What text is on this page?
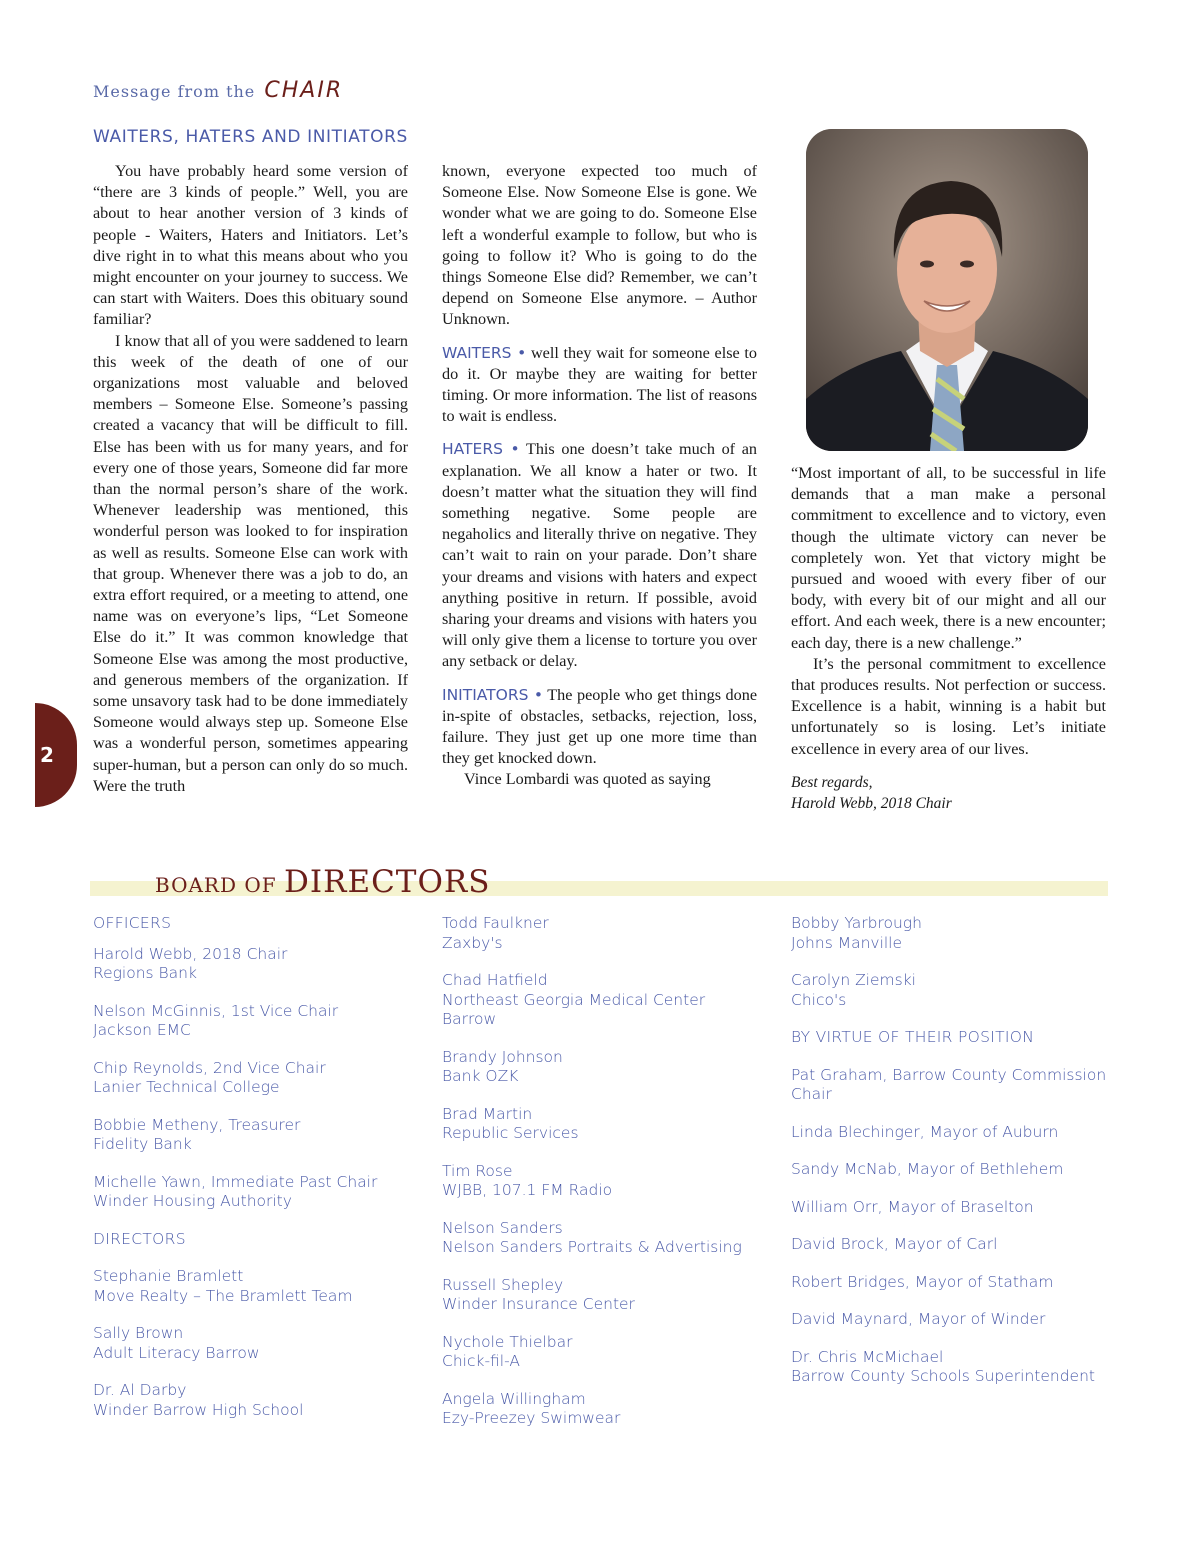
Message from the CHAIR
WAITERS, HATERS AND INITIATORS

You have probably heard some version of “there are 3 kinds of people.” Well, you are about to hear another version of 3 kinds of people - Waiters, Haters and Initiators. Let’s dive right in to what this means about who you might encounter on your journey to success. We can start with Waiters. Does this obituary sound familiar?

I know that all of you were saddened to learn this week of the death of one of our organizations most valuable and beloved members – Someone Else. Someone’s passing created a vacancy that will be difficult to fill. Else has been with us for many years, and for every one of those years, Someone did far more than the normal person’s share of the work. Whenever leadership was mentioned, this wonderful person was looked to for inspiration as well as results. Someone Else can work with that group. Whenever there was a job to do, an extra effort required, or a meeting to attend, one name was on everyone’s lips, “Let Someone Else do it.” It was common knowledge that Someone Else was among the most productive, and generous members of the organization. If some unsavory task had to be done immediately Someone would always step up. Someone Else was a wonderful person, sometimes appearing super-human, but a person can only do so much. Were the truth

known, everyone expected too much of Someone Else. Now Someone Else is gone. We wonder what we are going to do. Someone Else left a wonderful example to follow, but who is going to follow it? Who is going to do the things Someone Else did? Remember, we can’t depend on Someone Else anymore. – Author Unknown.

WAITERS • well they wait for someone else to do it. Or maybe they are waiting for better timing. Or more information. The list of reasons to wait is endless.

HATERS • This one doesn’t take much of an explanation. We all know a hater or two. It doesn’t matter what the situation they will find something negative. Some people are negaholics and literally thrive on negative. They can’t wait to rain on your parade. Don’t share your dreams and visions with haters and expect anything positive in return. If possible, avoid sharing your dreams and visions with haters you will only give them a license to torture you over any setback or delay.

INITIATORS • The people who get things done in-spite of obstacles, setbacks, rejection, loss, failure. They just get up one more time than they get knocked down.

Vince Lombardi was quoted as saying

“Most important of all, to be successful in life demands that a man make a personal commitment to excellence and to victory, even though the ultimate victory can never be completely won. Yet that victory might be pursued and wooed with every fiber of our body, with every bit of our might and all our effort. And each week, there is a new encounter; each day, there is a new challenge.”

It’s the personal commitment to excellence that produces results. Not perfection or success. Excellence is a habit, winning is a habit but unfortunately so is losing. Let’s initiate excellence in every area of our lives.

Best regards,
Harold Webb, 2018 Chair
2
BOARD OF DIRECTORS
OFFICERS
Harold Webb, 2018 Chair
Regions Bank
Nelson McGinnis, 1st Vice Chair
Jackson EMC
Chip Reynolds, 2nd Vice Chair
Lanier Technical College
Bobbie Metheny, Treasurer
Fidelity Bank
Michelle Yawn, Immediate Past Chair
Winder Housing Authority
DIRECTORS
Stephanie Bramlett
Move Realty – The Bramlett Team
Sally Brown
Adult Literacy Barrow
Dr. Al Darby
Winder Barrow High School
Todd Faulkner
Zaxby's
Chad Hatfield
Northeast Georgia Medical Center Barrow
Brandy Johnson
Bank OZK
Brad Martin
Republic Services
Tim Rose
WJBB, 107.1 FM Radio
Nelson Sanders
Nelson Sanders Portraits & Advertising
Russell Shepley
Winder Insurance Center
Nychole Thielbar
Chick-fil-A
Angela Willingham
Ezy-Preezey Swimwear
Bobby Yarbrough
Johns Manville
Carolyn Ziemski
Chico's
BY VIRTUE OF THEIR POSITION
Pat Graham, Barrow County Commission Chair
Linda Blechinger, Mayor of Auburn
Sandy McNab, Mayor of Bethlehem
William Orr, Mayor of Braselton
David Brock, Mayor of Carl
Robert Bridges, Mayor of Statham
David Maynard, Mayor of Winder
Dr. Chris McMichael
Barrow County Schools Superintendent
